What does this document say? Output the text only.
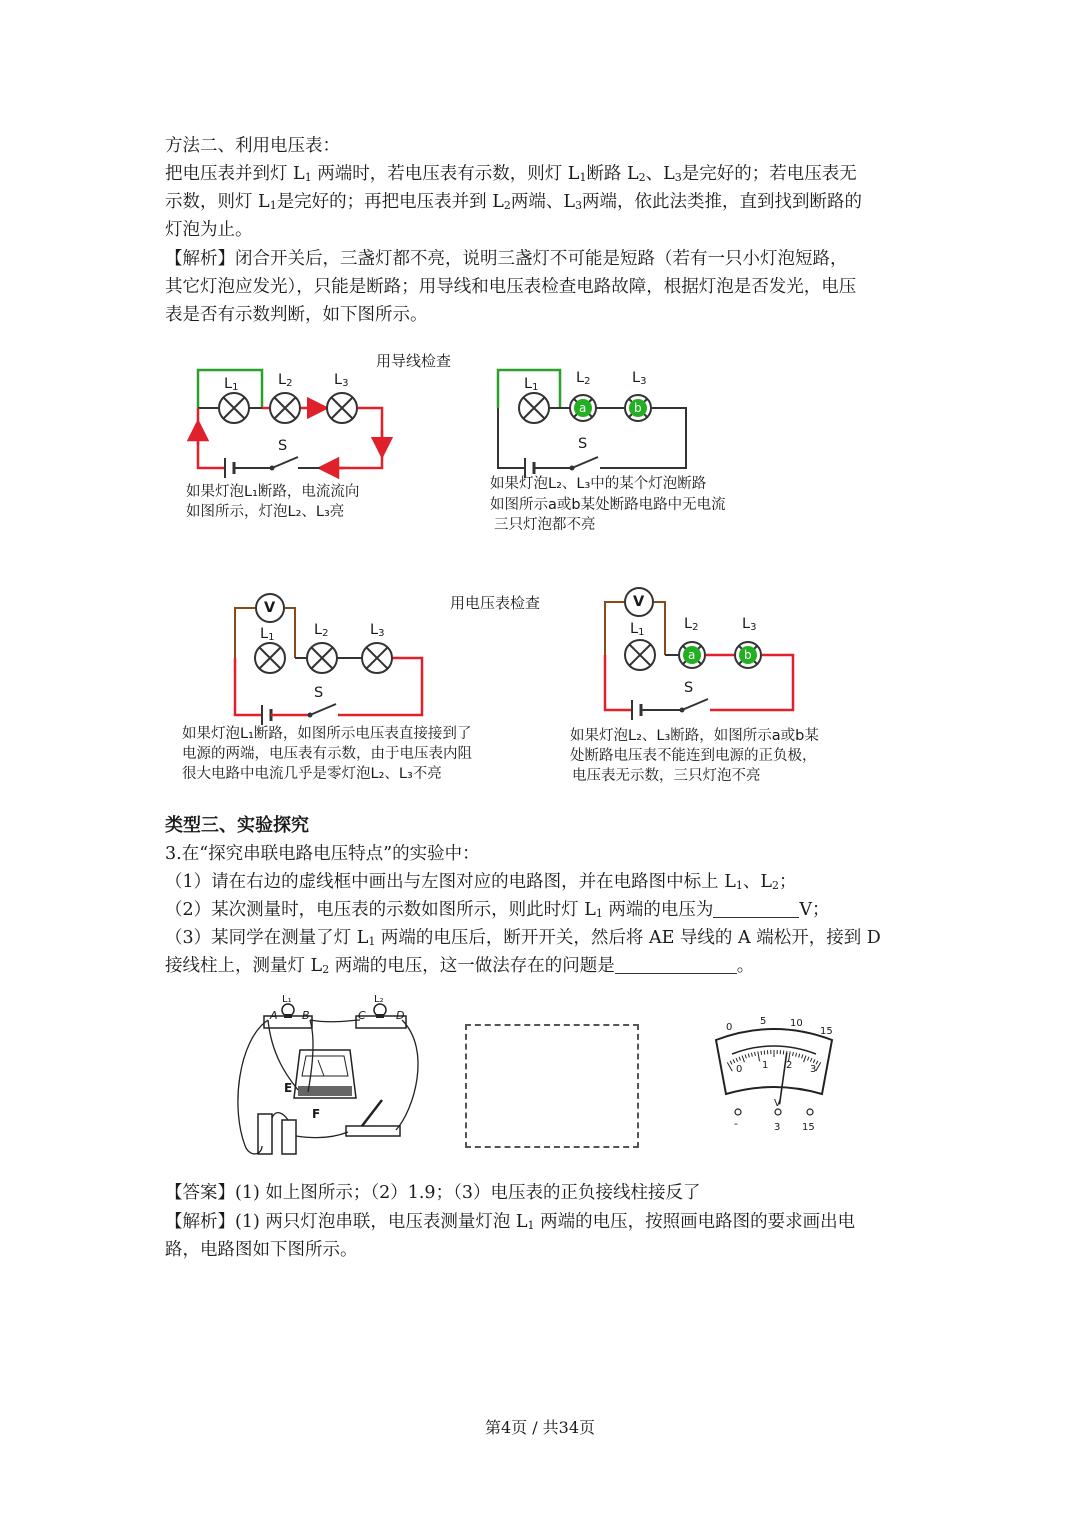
方法二、利用电压表：
把电压表并到灯 $L_1$ 两端时，若电压表有示数，则灯 $L_1$断路 $L_2$、$L_3$是完好的；若电压表无
示数，则灯 $L_1$是完好的；再把电压表并到 $L_2$两端、$L_3$两端，依此法类推，直到找到断路的
灯泡为止。
【解析】闭合开关后，三盏灯都不亮，说明三盏灯不可能是短路（若有一只小灯泡短路，
其它灯泡应发光），只能是断路；用导线和电压表检查电路故障，根据灯泡是否发光，电压
表是否有示数判断，如下图所示。
用导线检查
用电压表检查
$L_1$	$L_2$	$L_3$
S
$L_1$
$L_2$	$L_3$
S
a	b
V
$L_1$	$L_2$	$L_3$
S
V
$L_1$
$L_2$	$L_3$
S
a	b
如果灯泡L₁断路，电流流向
如图所示，灯泡L₂、L₃亮
如果灯泡L₂、L₃中的某个灯泡断路
如图所示a或b某处断路电路中无电流
三只灯泡都不亮
如果灯泡L₁断路，如图所示电压表直接接到了
电源的两端，电压表有示数，由于电压表内阻
很大电路中电流几乎是零灯泡L₂、L₃不亮
如果灯泡L₂、L₃断路，如图所示a或b某
处断路电压表不能连到电源的正负极，
电压表无示数，三只灯泡不亮
类型三、实验探究
3.在“探究串联电路电压特点”的实验中：
（1）请在右边的虚线框中画出与左图对应的电路图，并在电路图中标上 $L_1$、$L_2$；
（2）某次测量时，电压表的示数如图所示，则此时灯 $L_1$ 两端的电压为	V；
（3）某同学在测量了灯 $L_1$ 两端的电压后，断开开关，然后将 AE 导线的 A 端松开，接到 D
接线柱上，测量灯 $L_2$ 两端的电压，这一做法存在的问题是	。
A B	C	D
E
F
L₁	L₂
0
5 10
15
0 1 2 3
V
-	3 15
【答案】(1) 如上图所示；（2）1.9；（3）电压表的正负接线柱接反了
【解析】(1) 两只灯泡串联，电压表测量灯泡 $L_1$ 两端的电压，按照画电路图的要求画出电
路，电路图如下图所示。
第4页 / 共34页
